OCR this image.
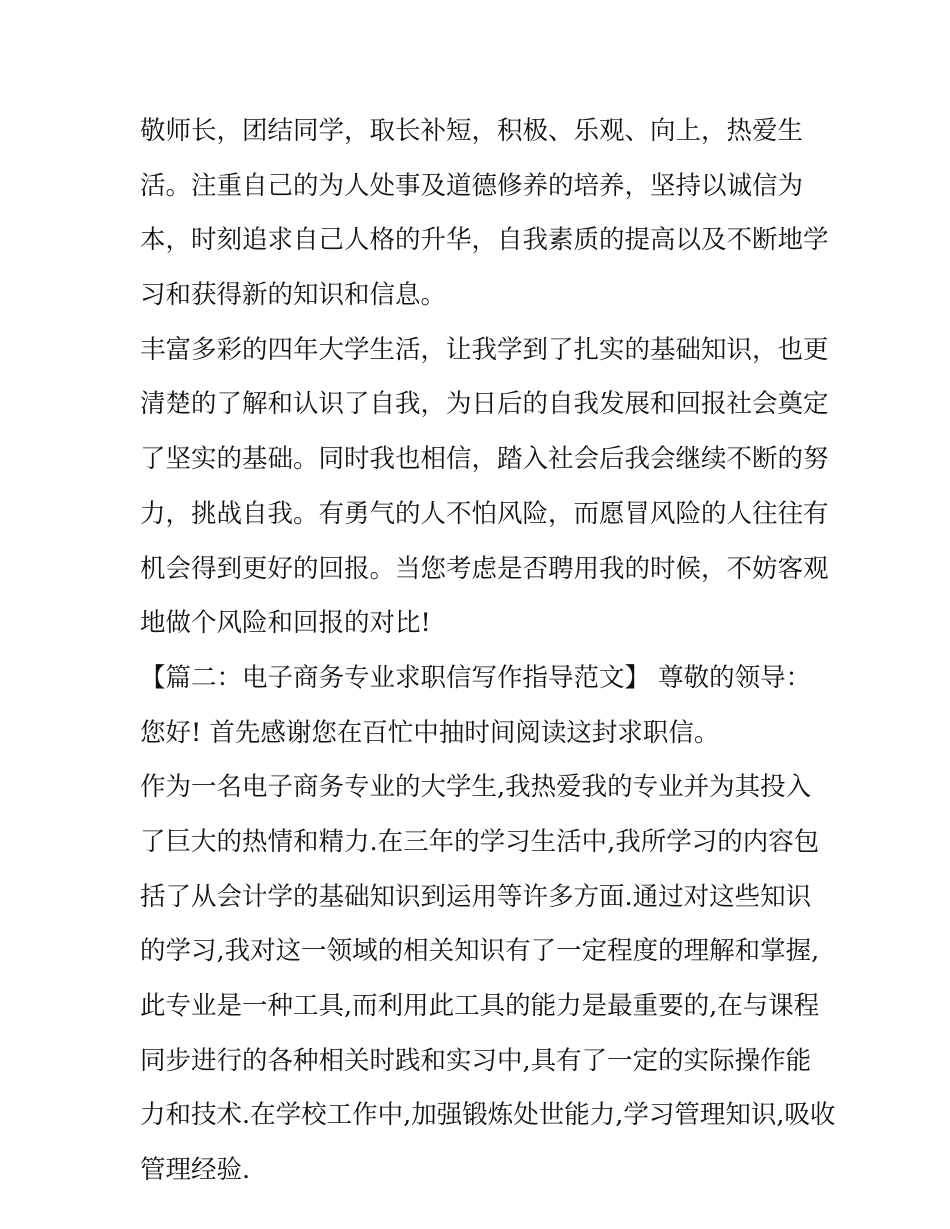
敬师长，团结同学，取长补短，积极、乐观、向上，热爱生
活。注重自己的为人处事及道德修养的培养，坚持以诚信为
本，时刻追求自己人格的升华，自我素质的提高以及不断地学
习和获得新的知识和信息。
丰富多彩的四年大学生活，让我学到了扎实的基础知识，也更
清楚的了解和认识了自我，为日后的自我发展和回报社会奠定
了坚实的基础。同时我也相信，踏入社会后我会继续不断的努
力，挑战自我。有勇气的人不怕风险，而愿冒风险的人往往有
机会得到更好的回报。当您考虑是否聘用我的时候，不妨客观
地做个风险和回报的对比!
【篇二：电子商务专业求职信写作指导范文】 尊敬的领导：
您好! 首先感谢您在百忙中抽时间阅读这封求职信。
作为一名电子商务专业的大学生,我热爱我的专业并为其投入
了巨大的热情和精力.在三年的学习生活中,我所学习的内容包
括了从会计学的基础知识到运用等许多方面.通过对这些知识
的学习,我对这一领域的相关知识有了一定程度的理解和掌握,
此专业是一种工具,而利用此工具的能力是最重要的,在与课程
同步进行的各种相关时践和实习中,具有了一定的实际操作能
力和技术.在学校工作中,加强锻炼处世能力,学习管理知识,吸收
管理经验.
